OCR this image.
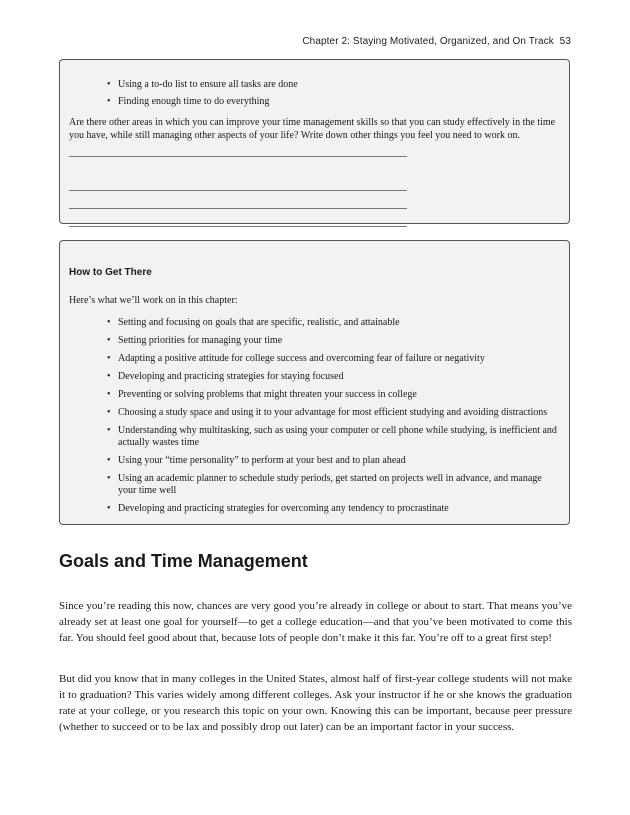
Chapter 2: Staying Motivated, Organized, and On Track 53
• Using a to-do list to ensure all tasks are done
• Finding enough time to do everything
Are there other areas in which you can improve your time management skills so that you can study effectively in the time you have, while still managing other aspects of your life? Write down other things you feel you need to work on.
How to Get There
Here’s what we’ll work on in this chapter:
• Setting and focusing on goals that are specific, realistic, and attainable
• Setting priorities for managing your time
• Adapting a positive attitude for college success and overcoming fear of failure or negativity
• Developing and practicing strategies for staying focused
• Preventing or solving problems that might threaten your success in college
• Choosing a study space and using it to your advantage for most efficient studying and avoiding distractions
• Understanding why multitasking, such as using your computer or cell phone while studying, is inefficient and actually wastes time
• Using your “time personality” to perform at your best and to plan ahead
• Using an academic planner to schedule study periods, get started on projects well in advance, and manage your time well
• Developing and practicing strategies for overcoming any tendency to procrastinate
Goals and Time Management

Since you’re reading this now, chances are very good you’re already in college or about to start. That means you’ve already set at least one goal for yourself—to get a college education—and that you’ve been motivated to come this far. You should feel good about that, because lots of people don’t make it this far. You’re off to a great first step!

But did you know that in many colleges in the United States, almost half of first-year college students will not make it to graduation? This varies widely among different colleges. Ask your instructor if he or she knows the graduation rate at your college, or you research this topic on your own. Knowing this can be important, because peer pressure (whether to succeed or to be lax and possibly drop out later) can be an important factor in your success.
